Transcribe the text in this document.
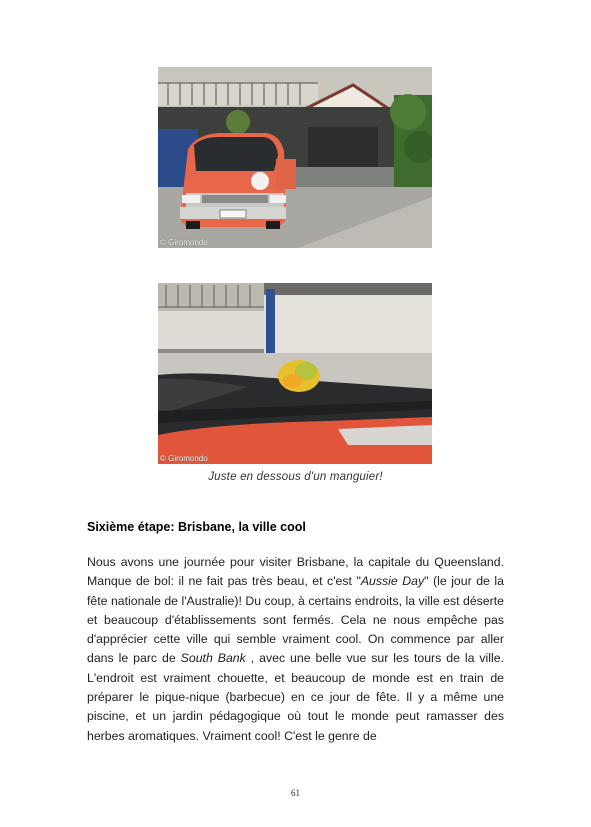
© Giromondo
© Giromondo
Juste en dessous d'un manguier!
Sixième étape: Brisbane, la ville cool
Nous avons une journée pour visiter Brisbane, la capitale du Queensland. Manque de bol: il ne fait pas très beau, et c'est "Aussie Day" (le jour de la fête nationale de l'Australie)! Du coup, à certains endroits, la ville est déserte et beaucoup d'établissements sont fermés. Cela ne nous empêche pas d'apprécier cette ville qui semble vraiment cool. On commence par aller dans le parc de South Bank , avec une belle vue sur les tours de la ville. L'endroit est vraiment chouette, et beaucoup de monde est en train de préparer le pique-nique (barbecue) en ce jour de fête. Il y a même une piscine, et un jardin pédagogique où tout le monde peut ramasser des herbes aromatiques. Vraiment cool! C'est le genre de
61
